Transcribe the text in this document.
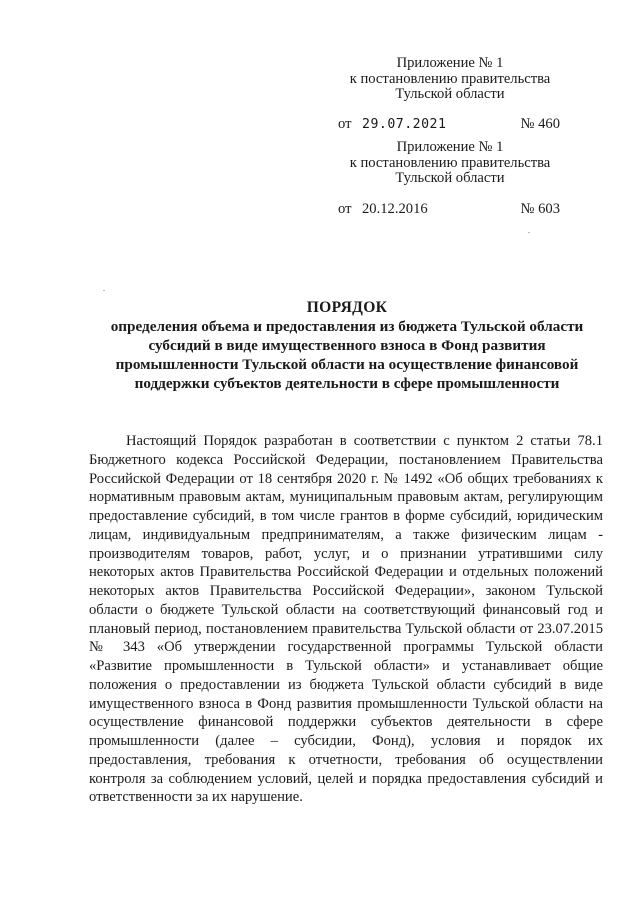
Приложение № 1
к постановлению правительства
Тульской области
от 29.07.2021	№ 460
Приложение № 1
к постановлению правительства
Тульской области
от 20.12.2016	№ 603
ПОРЯДОК
определения объема и предоставления из бюджета Тульской области
субсидий в виде имущественного взноса в Фонд развития
промышленности Тульской области на осуществление финансовой
поддержки субъектов деятельности в сфере промышленности
Настоящий Порядок разработан в соответствии с пунктом 2 статьи 78.1 Бюджетного кодекса Российской Федерации, постановлением Правительства Российской Федерации от 18 сентября 2020 г. № 1492 «Об общих требованиях к нормативным правовым актам, муниципальным правовым актам, регулирующим предоставление субсидий, в том числе грантов в форме субсидий, юридическим лицам, индивидуальным предпринимателям, а также физическим лицам - производителям товаров, работ, услуг, и о признании утратившими силу некоторых актов Правительства Российской Федерации и отдельных положений некоторых актов Правительства Российской Федерации», законом Тульской области о бюджете Тульской области на соответствующий финансовый год и плановый период, постановлением правительства Тульской области от 23.07.2015 № 343 «Об утверждении государственной программы Тульской области «Развитие промышленности в Тульской области» и устанавливает общие положения о предоставлении из бюджета Тульской области субсидий в виде имущественного взноса в Фонд развития промышленности Тульской области на осуществление финансовой поддержки субъектов деятельности в сфере промышленности (далее – субсидии, Фонд), условия и порядок их предоставления, требования к отчетности, требования об осуществлении контроля за соблюдением условий, целей и порядка предоставления субсидий и ответственности за их нарушение.
